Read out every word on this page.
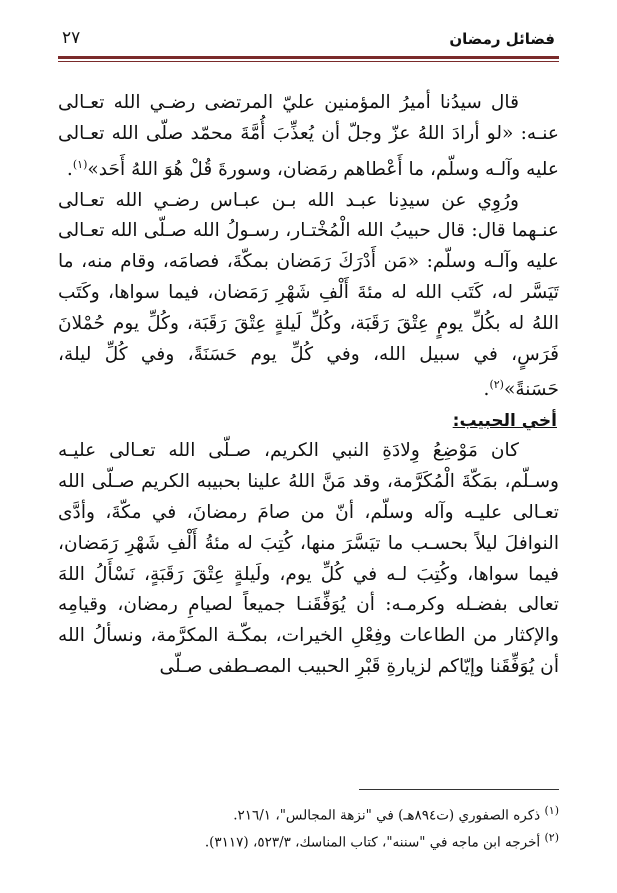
فضائل رمضان
٢٧

قال سيدُنا أميرُ المؤمنين عليّ المرتضى رضـي الله تعـالى عنـه: «لو أرادَ اللهُ عزّ وجلّ أن يُعذِّبَ أُمَّةَ محمّد صلّى الله تعـالى عليه وآلـه وسلّم، ما أَعْطاهم رمَضان، وسورةَ قُلْ هُوَ اللهُ أَحَد»$^{(١)}$.

ورُوِي عن سيدِنا عبـد الله بـن عبـاس رضـي الله تعـالى عنـهما قال: قال حبيبُ الله الْمُخْتـار، رسـولُ الله صـلّى الله تعـالى عليه وآلـه وسلّم: «مَن أَدْرَكَ رَمَضان بمكّةَ، فصامَه، وقام منه، ما تَيَسَّر له، كَتَب الله له مئةَ أَلْفِ شَهْرِ رَمَضان، فيما سواها، وكَتَب اللهُ له بكُلِّ يومٍ عِتْقَ رَقَبَة، وكُلِّ لَيلةٍ عِتْقَ رَقَبَة، وكُلِّ يوم حُمْلانَ فَرَسٍ، في سبيل الله، وفي كُلِّ يوم حَسَنَةً، وفي كُلِّ ليلة، حَسَنةً»$^{(٢)}$.

أخي الحبيب:

كان مَوْضِعُ وِلادَةِ النبي الكريم، صـلّى الله تعـالى عليـه وسـلّم، بمَكّةَ الْمُكَرَّمة، وقد مَنَّ اللهُ علينا بحبيبه الكريم صـلّى الله تعـالى عليـه وآله وسلّم، أنّ من صامَ رمضانَ، في مكّةَ، وأدَّى النوافلَ ليلاً بحسـب ما تيَسَّرَ منها، كُتِبَ له مئةُ أَلْفِ شَهْرِ رَمَضان، فيما سواها، وكُتِبَ لـه في كُلِّ يوم، ولَيلةٍ عِتْقَ رَقَبَةٍ، نَسْأَلُ اللهَ تعالى بفضـله وكرمـه: أن يُوَفِّقَنـا جميعاً لصيامِ رمضان، وقيامِه والإكثار من الطاعات وفِعْلِ الخيرات، بمكّـة المكرَّمة، ونسألُ الله أن يُوَفِّقَنا وإيّاكم لزيارةِ قَبْرِ الحبيب المصـطفى صـلّى

$^{(١)}$ ذكره الصفوري (ت٨٩٤هـ) في "نزهة المجالس"، ٢١٦/١.

$^{(٢)}$ أخرجه ابن ماجه في "سننه"، كتاب المناسك، ٥٢٣/٣، (٣١١٧).
